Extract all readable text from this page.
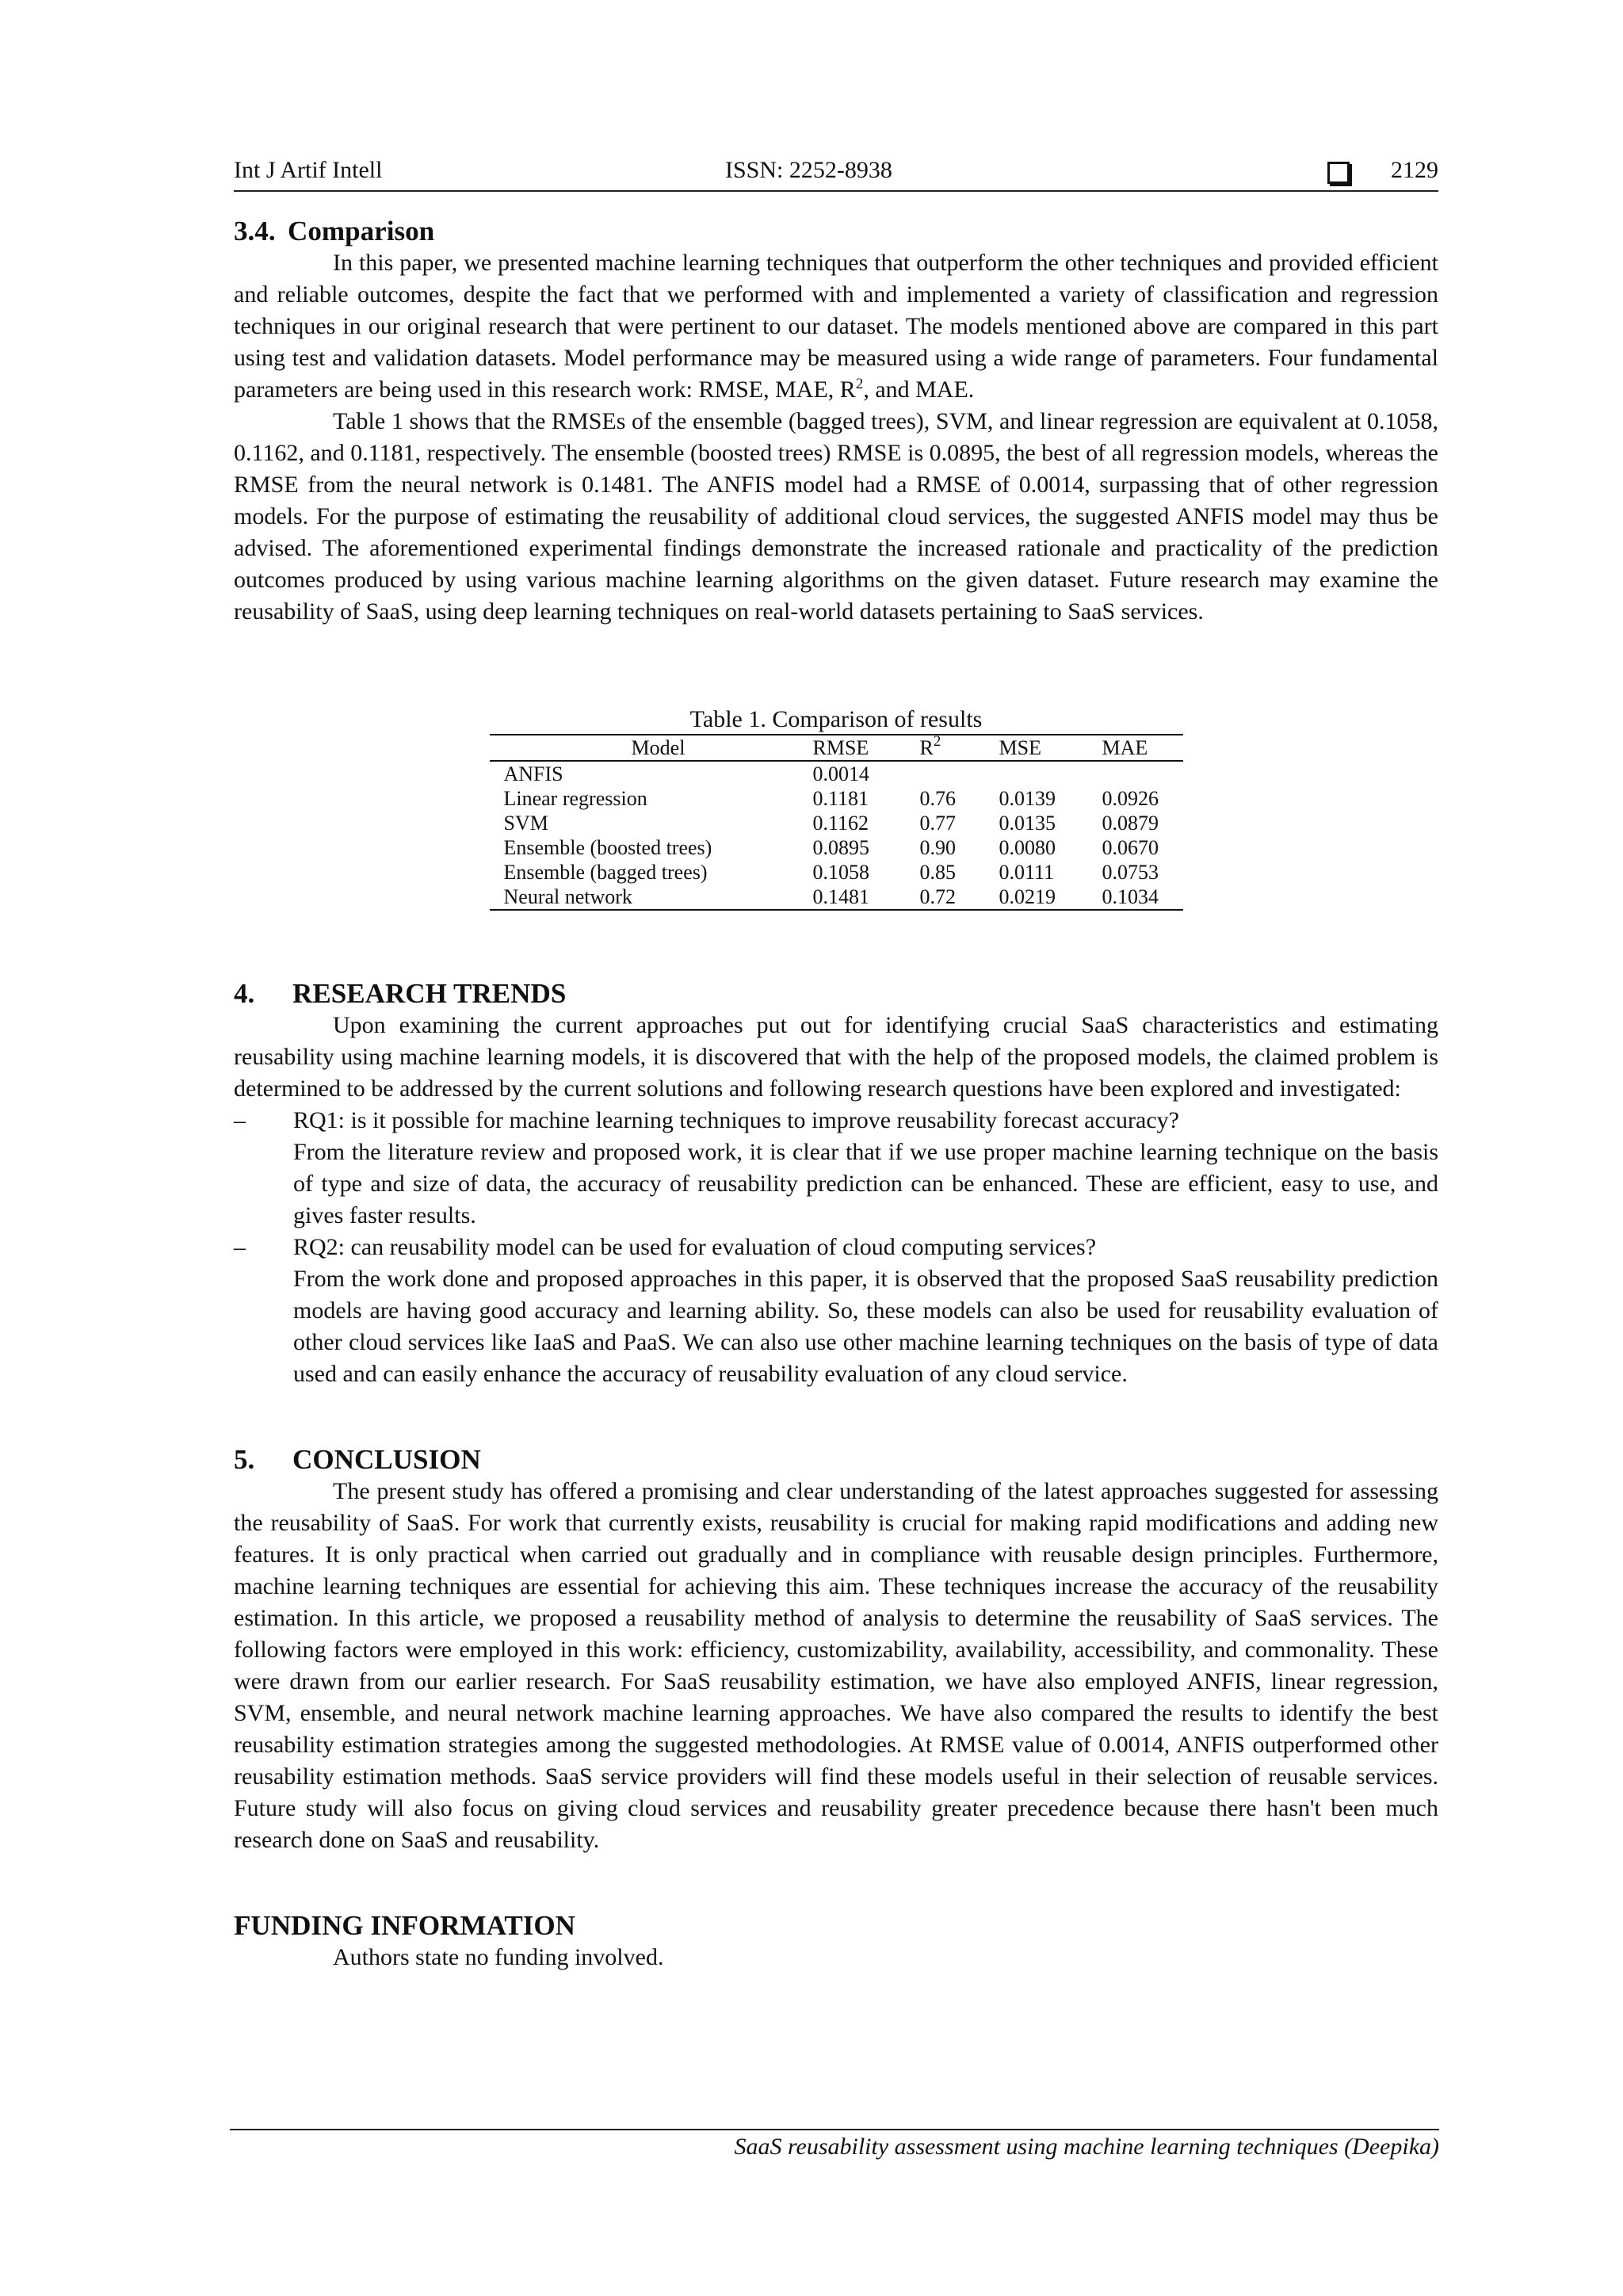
Int J Artif Intell	ISSN: 2252-8938	2129
3.4. Comparison

In this paper, we presented machine learning techniques that outperform the other techniques and provided efficient and reliable outcomes, despite the fact that we performed with and implemented a variety of classification and regression techniques in our original research that were pertinent to our dataset. The models mentioned above are compared in this part using test and validation datasets. Model performance may be measured using a wide range of parameters. Four fundamental parameters are being used in this research work: RMSE, MAE, $R^2$, and MAE.

Table 1 shows that the RMSEs of the ensemble (bagged trees), SVM, and linear regression are equivalent at 0.1058, 0.1162, and 0.1181, respectively. The ensemble (boosted trees) RMSE is 0.0895, the best of all regression models, whereas the RMSE from the neural network is 0.1481. The ANFIS model had a RMSE of 0.0014, surpassing that of other regression models. For the purpose of estimating the reusability of additional cloud services, the suggested ANFIS model may thus be advised. The aforementioned experimental findings demonstrate the increased rationale and practicality of the prediction outcomes produced by using various machine learning algorithms on the given dataset. Future research may examine the reusability of SaaS, using deep learning techniques on real-world datasets pertaining to SaaS services.

Table 1. Comparison of results
Model	RMSE	$R^2$	MSE	MAE
ANFIS	0.0014			
Linear regression	0.1181	0.76	0.0139	0.0926
SVM	0.1162	0.77	0.0135	0.0879
Ensemble (boosted trees)	0.0895	0.90	0.0080	0.0670
Ensemble (bagged trees)	0.1058	0.85	0.0111	0.0753
Neural network	0.1481	0.72	0.0219	0.1034
4. RESEARCH TRENDS

Upon examining the current approaches put out for identifying crucial SaaS characteristics and estimating reusability using machine learning models, it is discovered that with the help of the proposed models, the claimed problem is determined to be addressed by the current solutions and following research questions have been explored and investigated:

– RQ1: is it possible for machine learning techniques to improve reusability forecast accuracy?
From the literature review and proposed work, it is clear that if we use proper machine learning technique on the basis of type and size of data, the accuracy of reusability prediction can be enhanced. These are efficient, easy to use, and gives faster results.
– RQ2: can reusability model can be used for evaluation of cloud computing services?
From the work done and proposed approaches in this paper, it is observed that the proposed SaaS reusability prediction models are having good accuracy and learning ability. So, these models can also be used for reusability evaluation of other cloud services like IaaS and PaaS. We can also use other machine learning techniques on the basis of type of data used and can easily enhance the accuracy of reusability evaluation of any cloud service.
5. CONCLUSION

The present study has offered a promising and clear understanding of the latest approaches suggested for assessing the reusability of SaaS. For work that currently exists, reusability is crucial for making rapid modifications and adding new features. It is only practical when carried out gradually and in compliance with reusable design principles. Furthermore, machine learning techniques are essential for achieving this aim. These techniques increase the accuracy of the reusability estimation. In this article, we proposed a reusability method of analysis to determine the reusability of SaaS services. The following factors were employed in this work: efficiency, customizability, availability, accessibility, and commonality. These were drawn from our earlier research. For SaaS reusability estimation, we have also employed ANFIS, linear regression, SVM, ensemble, and neural network machine learning approaches. We have also compared the results to identify the best reusability estimation strategies among the suggested methodologies. At RMSE value of 0.0014, ANFIS outperformed other reusability estimation methods. SaaS service providers will find these models useful in their selection of reusable services. Future study will also focus on giving cloud services and reusability greater precedence because there hasn't been much research done on SaaS and reusability.

FUNDING INFORMATION

Authors state no funding involved.

SaaS reusability assessment using machine learning techniques (Deepika)
